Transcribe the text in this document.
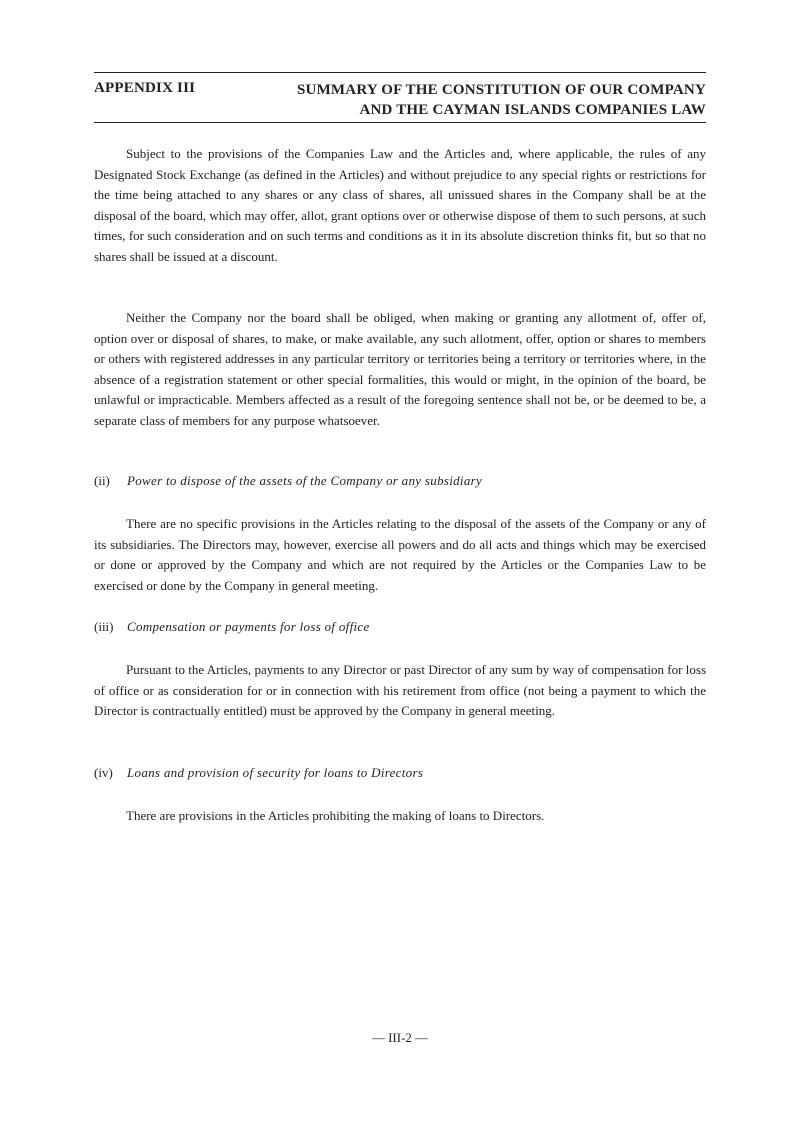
APPENDIX III	SUMMARY OF THE CONSTITUTION OF OUR COMPANY
AND THE CAYMAN ISLANDS COMPANIES LAW

Subject to the provisions of the Companies Law and the Articles and, where applicable, the rules of any Designated Stock Exchange (as defined in the Articles) and without prejudice to any special rights or restrictions for the time being attached to any shares or any class of shares, all unissued shares in the Company shall be at the disposal of the board, which may offer, allot, grant options over or otherwise dispose of them to such persons, at such times, for such consideration and on such terms and conditions as it in its absolute discretion thinks fit, but so that no shares shall be issued at a discount.

Neither the Company nor the board shall be obliged, when making or granting any allotment of, offer of, option over or disposal of shares, to make, or make available, any such allotment, offer, option or shares to members or others with registered addresses in any particular territory or territories being a territory or territories where, in the absence of a registration statement or other special formalities, this would or might, in the opinion of the board, be unlawful or impracticable. Members affected as a result of the foregoing sentence shall not be, or be deemed to be, a separate class of members for any purpose whatsoever.

(ii) Power to dispose of the assets of the Company or any subsidiary

There are no specific provisions in the Articles relating to the disposal of the assets of the Company or any of its subsidiaries. The Directors may, however, exercise all powers and do all acts and things which may be exercised or done or approved by the Company and which are not required by the Articles or the Companies Law to be exercised or done by the Company in general meeting.

(iii) Compensation or payments for loss of office

Pursuant to the Articles, payments to any Director or past Director of any sum by way of compensation for loss of office or as consideration for or in connection with his retirement from office (not being a payment to which the Director is contractually entitled) must be approved by the Company in general meeting.

(iv) Loans and provision of security for loans to Directors

There are provisions in the Articles prohibiting the making of loans to Directors.

— III-2 —
